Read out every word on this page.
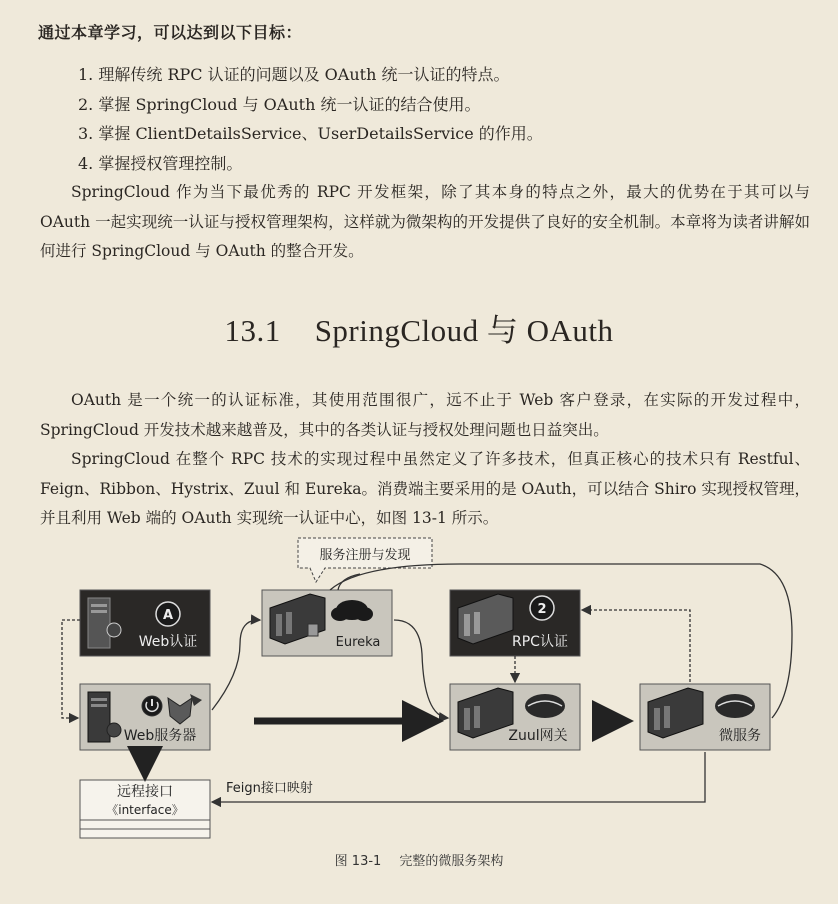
通过本章学习，可以达到以下目标：
1. 理解传统 RPC 认证的问题以及 OAuth 统一认证的特点。
2. 掌握 SpringCloud 与 OAuth 统一认证的结合使用。
3. 掌握 ClientDetailsService、UserDetailsService 的作用。
4. 掌握授权管理控制。

SpringCloud 作为当下最优秀的 RPC 开发框架，除了其本身的特点之外，最大的优势在于其可以与 OAuth 一起实现统一认证与授权管理架构，这样就为微架构的开发提供了良好的安全机制。本章将为读者讲解如何进行 SpringCloud 与 OAuth 的整合开发。

13.1 SpringCloud 与 OAuth

OAuth 是一个统一的认证标准，其使用范围很广，远不止于 Web 客户登录，在实际的开发过程中，SpringCloud 开发技术越来越普及，其中的各类认证与授权处理问题也日益突出。

SpringCloud 在整个 RPC 技术的实现过程中虽然定义了许多技术，但真正核心的技术只有 Restful、Feign、Ribbon、Hystrix、Zuul 和 Eureka。消费端主要采用的是 OAuth，可以结合 Shiro 实现授权管理，并且利用 Web 端的 OAuth 实现统一认证中心，如图 13-1 所示。

服务注册与发现
A
Web认证	Eureka
2
RPC认证
Web服务器	Zuul网关	微服务
远程接口
《interface》
Feign接口映射
图 13-1 完整的微服务架构
